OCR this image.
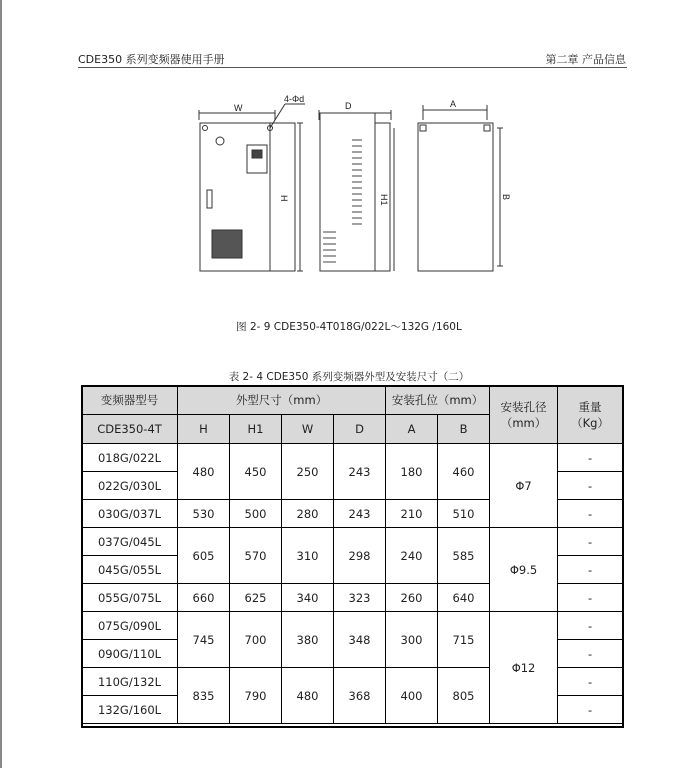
CDE350 系列变频器使用手册	第二章 产品信息
W
4-Φd
D	A
H	H1	B
图 2- 9 CDE350-4T018G/022L～132G /160L
表 2- 4 CDE350 系列变频器外型及安装尺寸（二）
变频器型号	外型尺寸（mm）				安装孔位（mm）		安装孔径
（mm）	重量
（Kg）
CDE350-4T	H	H1	W	D	A	B		
018G/022L	480	450	250	243	180	460	Φ7	-
022G/030L								-
030G/037L	530	500	280	243	210	510		-
037G/045L	605	570	310	298	240	585	Φ9.5	-
045G/055L								-
055G/075L	660	625	340	323	260	640		-
075G/090L	745	700	380	348	300	715	Φ12	-
090G/110L								-
110G/132L	835	790	480	368	400	805		-
132G/160L								-
